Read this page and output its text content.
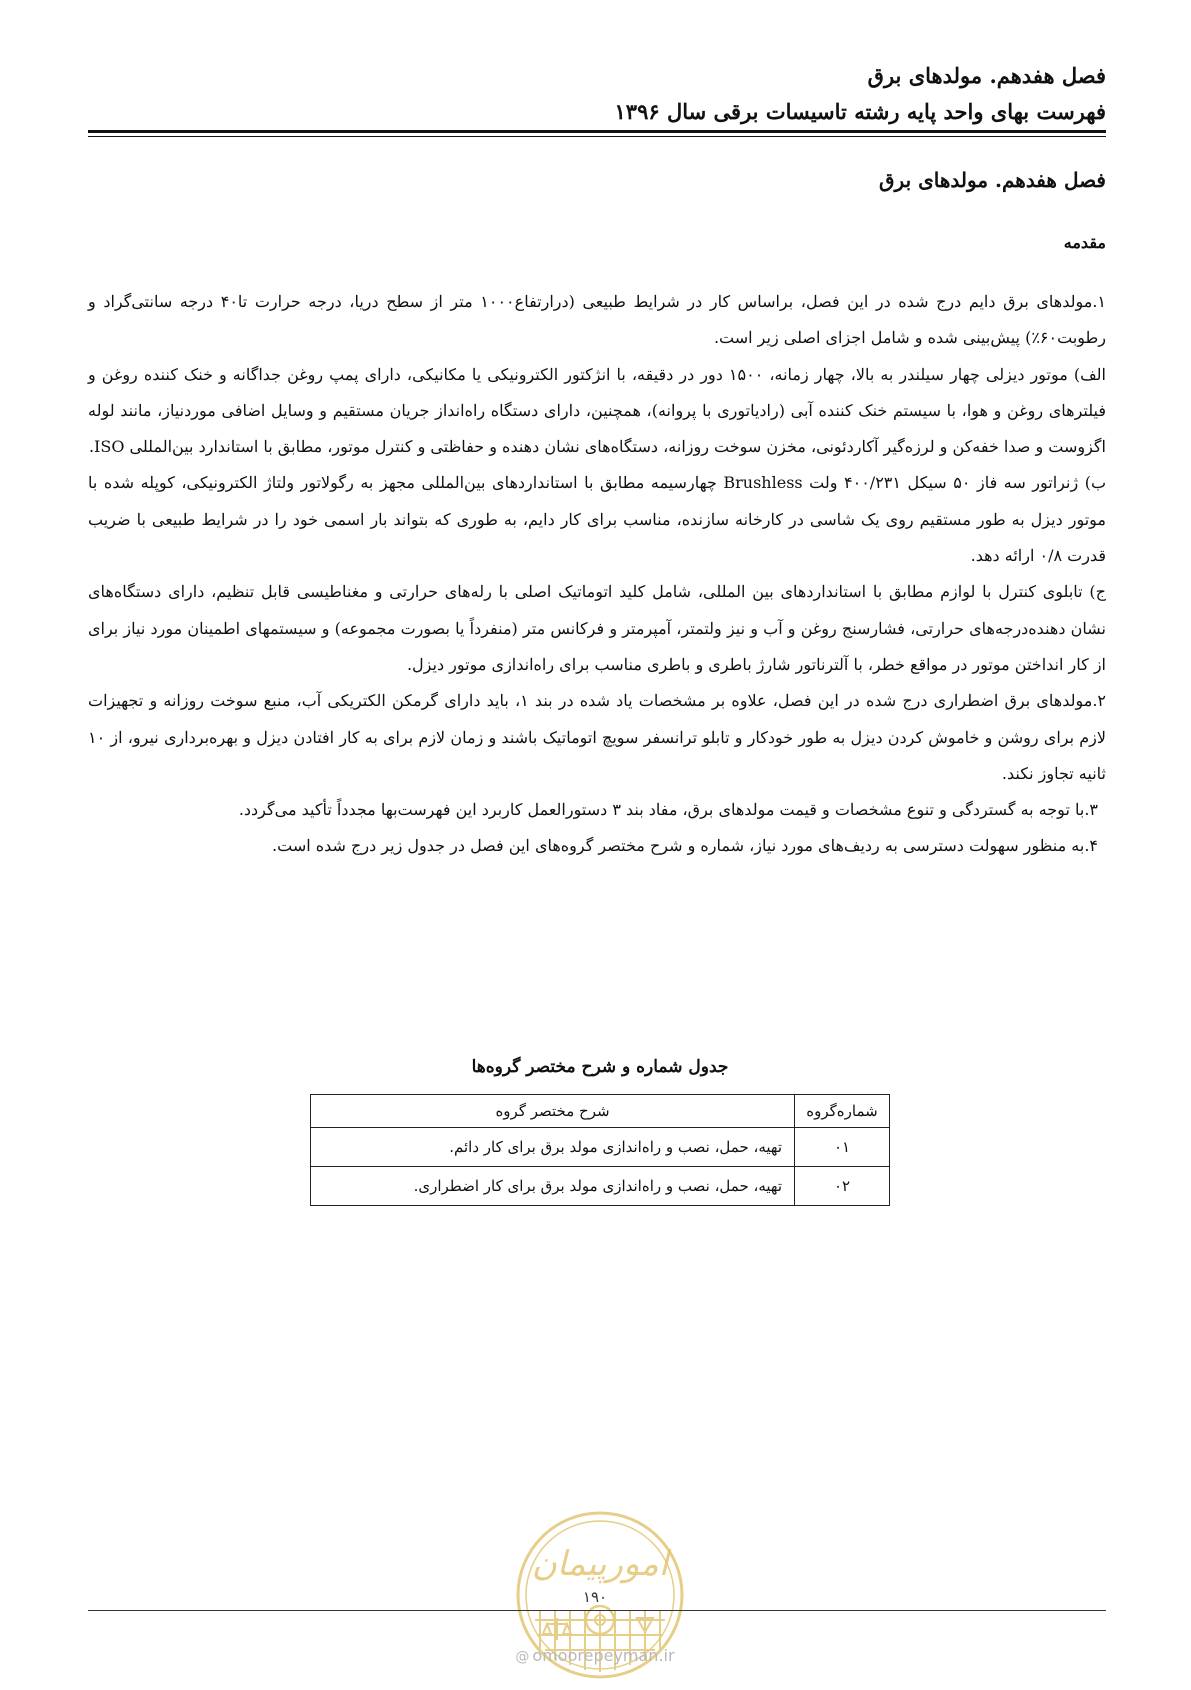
فصل هفدهم. مولدهای برق
فهرست بهای واحد پایه رشته تاسیسات برقی سال ۱۳۹۶
فصل هفدهم. مولدهای برق
مقدمه

۱.مولدهای برق دایم درج شده در این فصل، براساس کار در شرایط طبیعی (درارتفاع۱۰۰۰ متر از سطح دریا، درجه حرارت تا۴۰ درجه سانتی‌گراد و رطوبت۶۰٪) پیش‌بینی شده و شامل اجزای اصلی زیر است.

الف) موتور دیزلی چهار سیلندر به بالا، چهار زمانه، ۱۵۰۰ دور در دقیقه، با انژکتور الکترونیکی یا مکانیکی، دارای پمپ روغن جداگانه و خنک کننده روغن و فیلترهای روغن و هوا، با سیستم خنک کننده آبی (رادیاتوری با پروانه)، همچنین، دارای دستگاه راه‌انداز جریان مستقیم و وسایل اضافی موردنیاز، مانند لوله اگزوست و صدا خفه‌کن و لرزه‌گیر آکاردئونی، مخزن سوخت روزانه، دستگاه‌های نشان دهنده و حفاظتی و کنترل موتور، مطابق با استاندارد بین‌المللی ISO.

ب) ژنراتور سه فاز ۵۰ سیکل ۴۰۰/۲۳۱ ولت Brushless چهارسیمه مطابق با استانداردهای بین‌المللی مجهز به رگولاتور ولتاژ الکترونیکی، کوپله شده با موتور دیزل به طور مستقیم روی یک شاسی در کارخانه سازنده، مناسب برای کار دایم، به طوری که بتواند بار اسمی خود را در شرایط طبیعی با ضریب قدرت ۰/۸ ارائه دهد.

ج) تابلوی کنترل با لوازم مطابق با استانداردهای بین المللی، شامل کلید اتوماتیک اصلی با رله‌های حرارتی و مغناطیسی قابل تنظیم، دارای دستگاه‌های نشان دهنده‌درجه‌های حرارتی، فشارسنج روغن و آب و نیز ولتمتر، آمپرمتر و فرکانس متر (منفرداً یا بصورت مجموعه) و سیستمهای اطمینان مورد نیاز برای از کار انداختن موتور در مواقع خطر، با آلترناتور شارژ باطری و باطری مناسب برای راه‌اندازی موتور دیزل.

۲.مولدهای برق اضطراری درج شده در این فصل، علاوه بر مشخصات یاد شده در بند ۱، باید دارای گرمکن الکتریکی آب، منبع سوخت روزانه و تجهیزات لازم برای روشن و خاموش کردن دیزل به طور خودکار و تابلو ترانسفر سویچ اتوماتیک باشند و زمان لازم برای به کار افتادن دیزل و بهره‌برداری نیرو، از ۱۰ ثانیه تجاوز نکند.

۳.با توجه به گستردگی و تنوع مشخصات و قیمت مولدهای برق، مفاد بند ۳ دستورالعمل کاربرد این فهرست‌بها مجدداً تأکید می‌گردد.

۴.به منظور سهولت دسترسی به ردیف‌های مورد نیاز، شماره و شرح مختصر گروه‌های این فصل در جدول زیر درج شده است.

جدول شماره و شرح مختصر گروه‌ها
شماره‌گروه	شرح مختصر گروه
۰۱	تهیه، حمل، نصب و راه‌اندازی مولد برق برای کار دائم.
۰۲	تهیه، حمل، نصب و راه‌اندازی مولد برق برای کار اضطراری.
امورپیمان
۱۹۰
@ omoorepeyman.ir
